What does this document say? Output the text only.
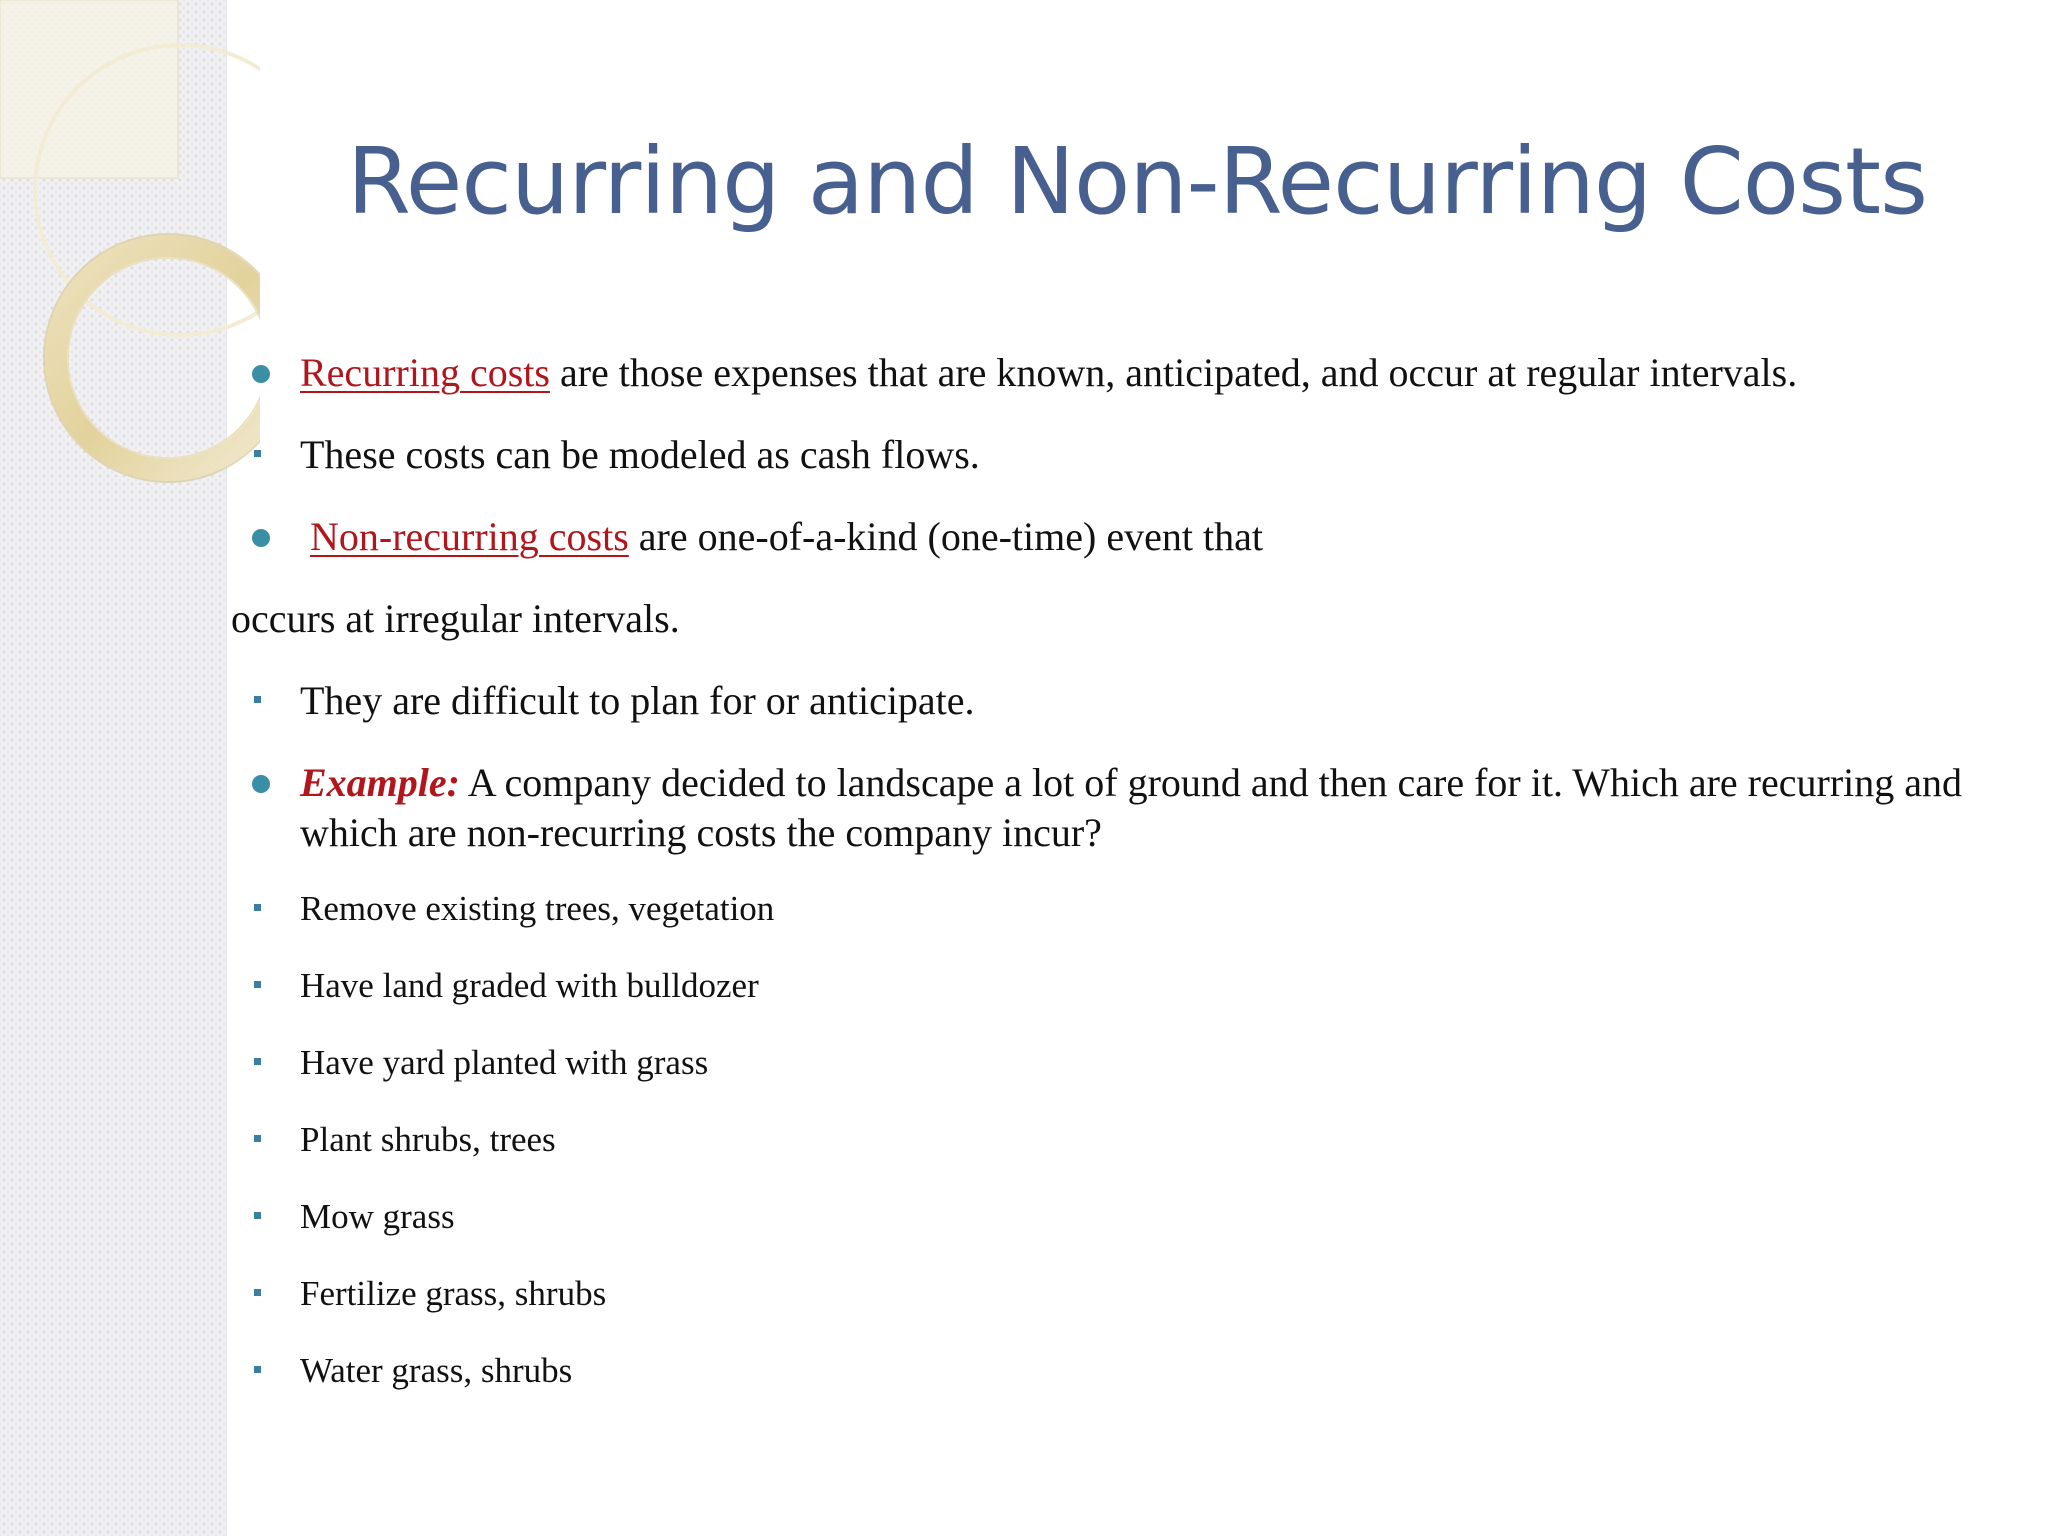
Recurring and Non-Recurring Costs
Recurring costs are those expenses that are known, anticipated, and occur at regular intervals.
These costs can be modeled as cash flows.
Non-recurring costs are one-of-a-kind (one-time) event that
occurs at irregular intervals.
They are difficult to plan for or anticipate.
Example: A company decided to landscape a lot of ground and then care for it. Which are recurring and
which are non-recurring costs the company incur?
Remove existing trees, vegetation
Have land graded with bulldozer
Have yard planted with grass
Plant shrubs, trees
Mow grass
Fertilize grass, shrubs
Water grass, shrubs
